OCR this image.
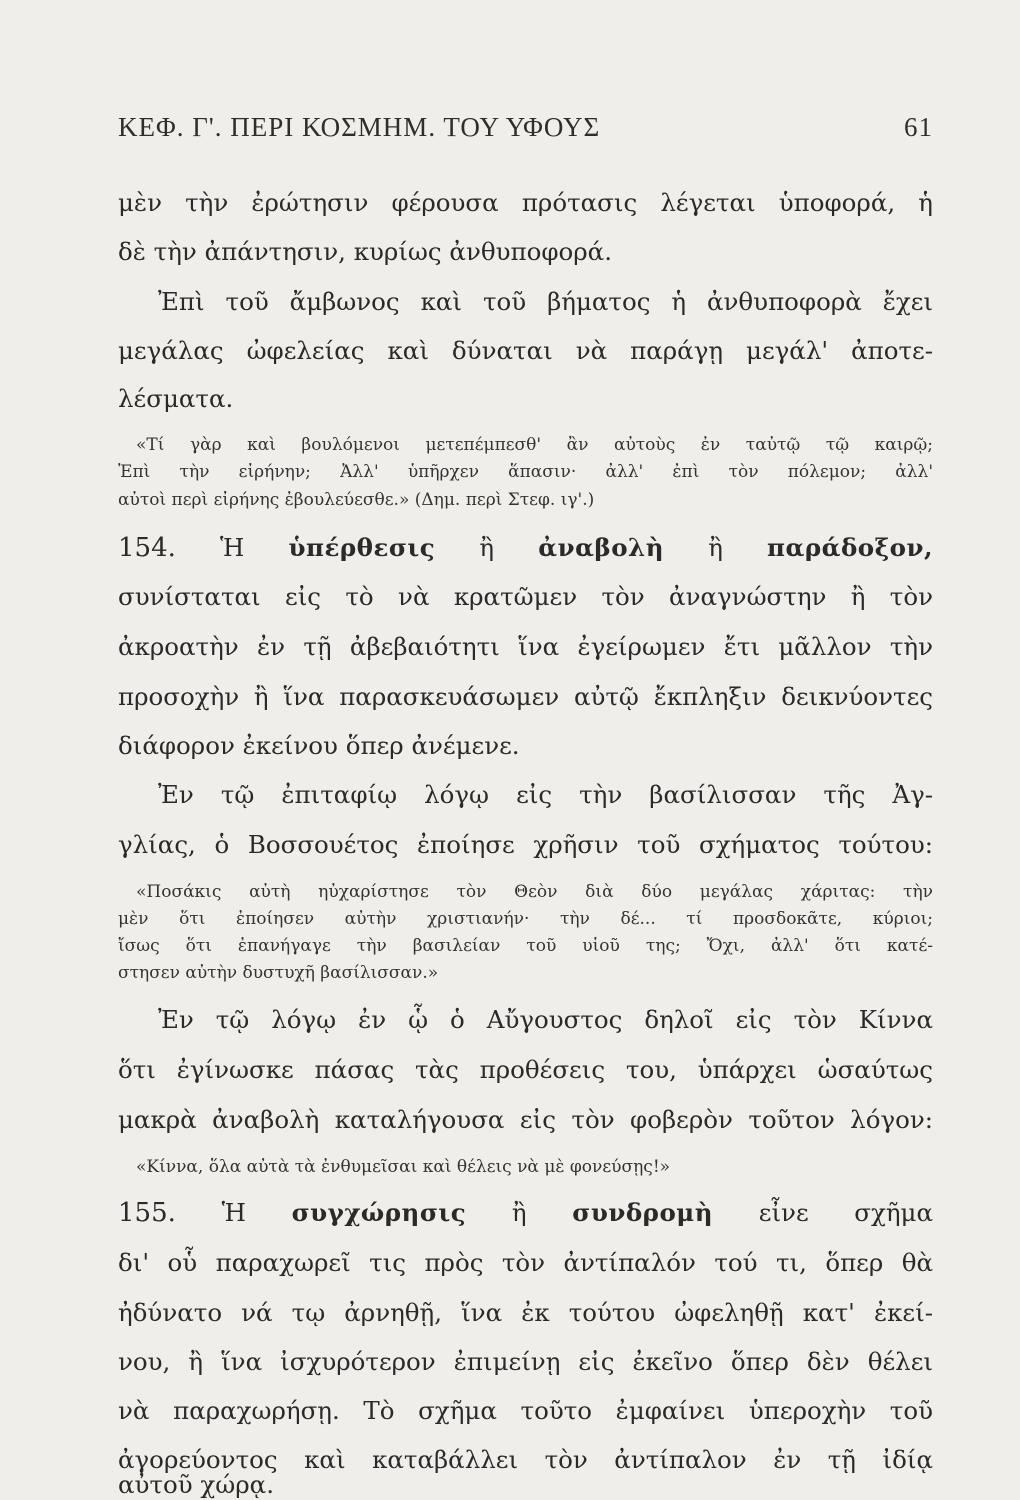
ΚΕΦ. Γ'. ΠΕΡΙ ΚΟΣΜΗΜ. ΤΟΥ ΥΦΟΥΣ	61
μὲν τὴν ἐρώτησιν φέρουσα πρότασις λέγεται ὑποφορά, ἡ
δὲ τὴν ἀπάντησιν, κυρίως ἀνθυποφορά.
Ἐπὶ τοῦ ἄμβωνος καὶ τοῦ βήματος ἡ ἀνθυποφορὰ ἔχει
μεγάλας ὠφελείας καὶ δύναται νὰ παράγῃ μεγάλ' ἀποτε-
λέσματα.
«Τί γὰρ καὶ βουλόμενοι μετεπέμπεσθ' ἂν αὐτοὺς ἐν ταὐτῷ τῷ καιρῷ;
Ἐπὶ τὴν εἰρήνην; Ἀλλ' ὑπῆρχεν ἅπασιν· ἀλλ' ἐπὶ τὸν πόλεμον; ἀλλ'
αὐτοὶ περὶ εἰρήνης ἐβουλεύεσθε.» (Δημ. περὶ Στεφ. ιγ'.)
154. Ἡ ὑπέρθεσις ἢ ἀναβολὴ ἢ παράδοξον,
συνίσταται εἰς τὸ νὰ κρατῶμεν τὸν ἀναγνώστην ἢ τὸν
ἀκροατὴν ἐν τῇ ἀβεβαιότητι ἵνα ἐγείρωμεν ἔτι μᾶλλον τὴν
προσοχὴν ἢ ἵνα παρασκευάσωμεν αὐτῷ ἔκπληξιν δεικνύοντες
διάφορον ἐκείνου ὅπερ ἀνέμενε.
Ἐν τῷ ἐπιταφίῳ λόγῳ εἰς τὴν βασίλισσαν τῆς Ἀγ-
γλίας, ὁ Βοσσουέτος ἐποίησε χρῆσιν τοῦ σχήματος τούτου:
«Ποσάκις αὐτὴ ηὐχαρίστησε τὸν Θεὸν διὰ δύο μεγάλας χάριτας: τὴν
μὲν ὅτι ἐποίησεν αὐτὴν χριστιανήν· τὴν δέ... τί προσδοκᾶτε, κύριοι;
ἴσως ὅτι ἐπανήγαγε τὴν βασιλείαν τοῦ υἱοῦ της; Ὄχι, ἀλλ' ὅτι κατέ-
στησεν αὐτὴν δυστυχῆ βασίλισσαν.»
Ἐν τῷ λόγῳ ἐν ᾧ ὁ Αὔγουστος δηλοῖ εἰς τὸν Κίννα
ὅτι ἐγίνωσκε πάσας τὰς προθέσεις του, ὑπάρχει ὡσαύτως
μακρὰ ἀναβολὴ καταλήγουσα εἰς τὸν φοβερὸν τοῦτον λόγον:
«Κίννα, ὅλα αὐτὰ τὰ ἐνθυμεῖσαι καὶ θέλεις νὰ μὲ φονεύσῃς!»
155. Ἡ συγχώρησις ἢ συνδρομὴ εἶνε σχῆμα
δι' οὗ παραχωρεῖ τις πρὸς τὸν ἀντίπαλόν τού τι, ὅπερ θὰ
ἠδύνατο νά τῳ ἀρνηθῇ, ἵνα ἐκ τούτου ὠφεληθῇ κατ' ἐκεί-
νου, ἢ ἵνα ἰσχυρότερον ἐπιμείνῃ εἰς ἐκεῖνο ὅπερ δὲν θέλει
νὰ παραχωρήσῃ. Τὸ σχῆμα τοῦτο ἐμφαίνει ὑπεροχὴν τοῦ
ἀγορεύοντος καὶ καταβάλλει τὸν ἀντίπαλον ἐν τῇ ἰδίᾳ
αὐτοῦ χώρᾳ.
